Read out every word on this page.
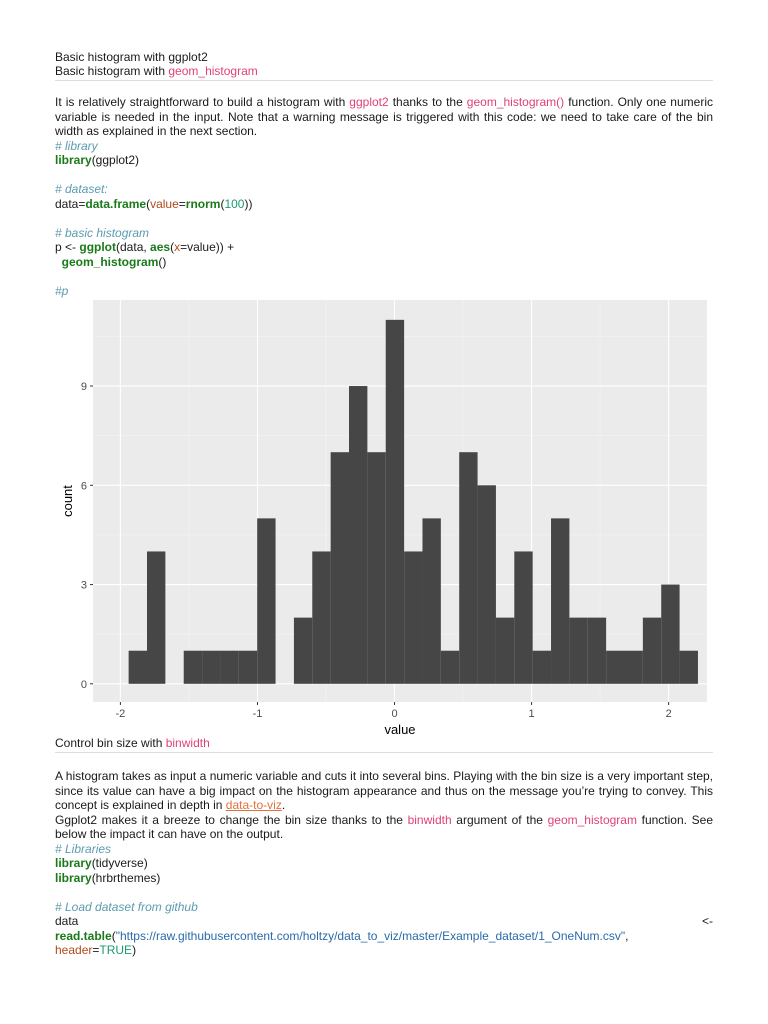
Basic histogram with ggplot2
Basic histogram with geom_histogram
It is relatively straightforward to build a histogram with ggplot2 thanks to the geom_histogram() function. Only one numeric variable is needed in the input. Note that a warning message is triggered with this code: we need to take care of the bin width as explained in the next section.
# library
library(ggplot2)
# dataset:
data=data.frame(value=rnorm(100))
# basic histogram
p <- ggplot(data, aes(x=value)) +
geom_histogram()
#p
0
3
6
9
-2	-1	0	1	2
value
count
Control bin size with binwidth
A histogram takes as input a numeric variable and cuts it into several bins. Playing with the bin size is a very important step, since its value can have a big impact on the histogram appearance and thus on the message you’re trying to convey. This concept is explained in depth in data-to-viz.
Ggplot2 makes it a breeze to change the bin size thanks to the binwidth argument of the geom_histogram function. See below the impact it can have on the output.
# Libraries
library(tidyverse)
library(hrbrthemes)
# Load dataset from github
data	<-
read.table("https://raw.githubusercontent.com/holtzy/data_to_viz/master/Example_dataset/1_OneNum.csv",
header=TRUE)
